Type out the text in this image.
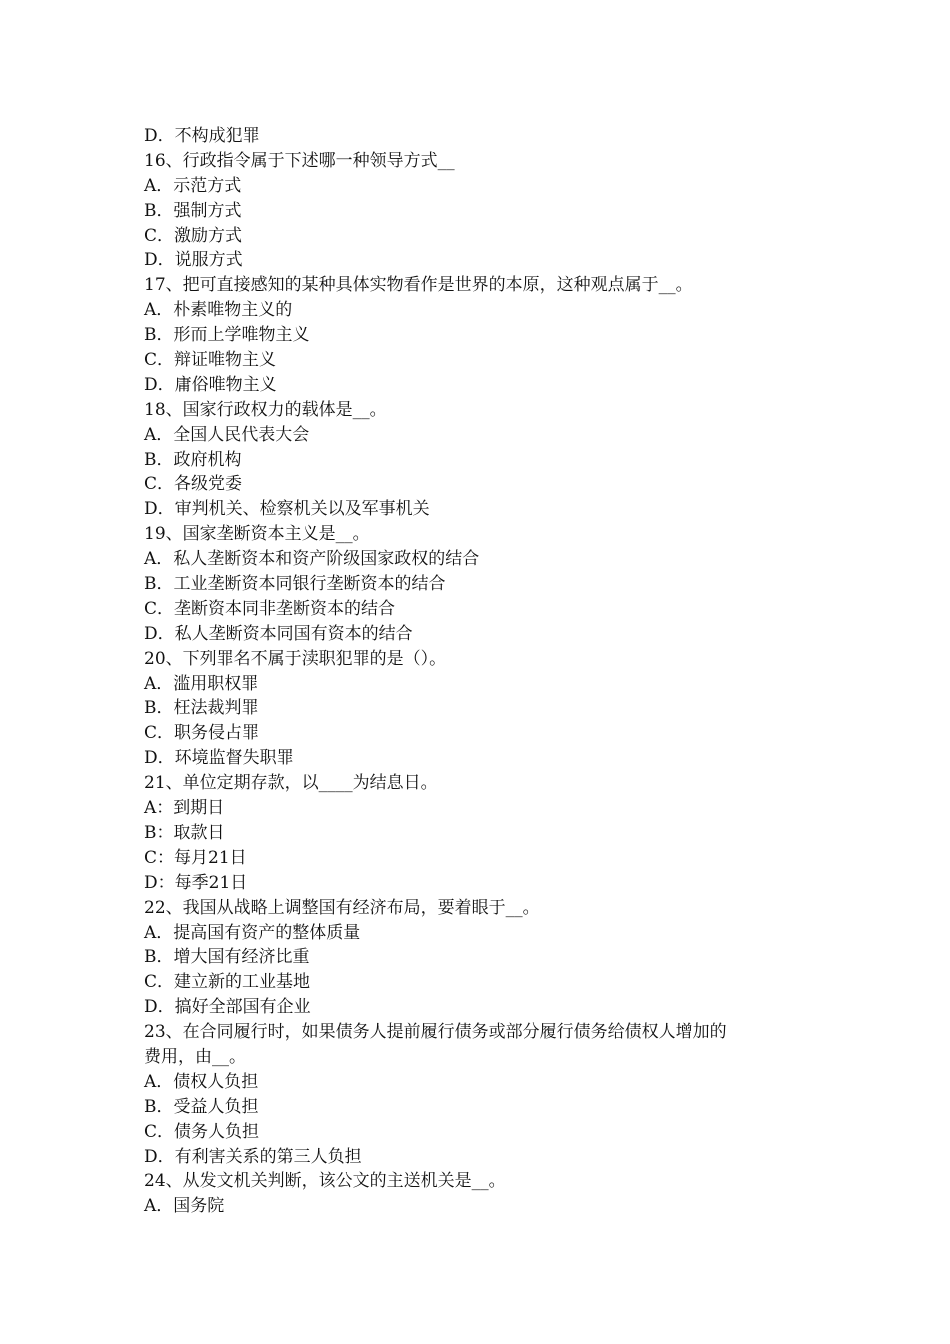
D．不构成犯罪
16、行政指令属于下述哪一种领导方式__
A．示范方式
B．强制方式
C．激励方式
D．说服方式
17、把可直接感知的某种具体实物看作是世界的本原，这种观点属于__。
A．朴素唯物主义的
B．形而上学唯物主义
C．辩证唯物主义
D．庸俗唯物主义
18、国家行政权力的载体是__。
A．全国人民代表大会
B．政府机构
C．各级党委
D．审判机关、检察机关以及军事机关
19、国家垄断资本主义是__。
A．私人垄断资本和资产阶级国家政权的结合
B．工业垄断资本同银行垄断资本的结合
C．垄断资本同非垄断资本的结合
D．私人垄断资本同国有资本的结合
20、下列罪名不属于渎职犯罪的是（）。
A．滥用职权罪
B．枉法裁判罪
C．职务侵占罪
D．环境监督失职罪
21、单位定期存款，以____为结息日。
A：到期日
B：取款日
C：每月21日
D：每季21日
22、我国从战略上调整国有经济布局，要着眼于__。
A．提高国有资产的整体质量
B．增大国有经济比重
C．建立新的工业基地
D．搞好全部国有企业
23、在合同履行时，如果债务人提前履行债务或部分履行债务给债权人增加的
费用，由__。
A．债权人负担
B．受益人负担
C．债务人负担
D．有利害关系的第三人负担
24、从发文机关判断，该公文的主送机关是__。
A．国务院
